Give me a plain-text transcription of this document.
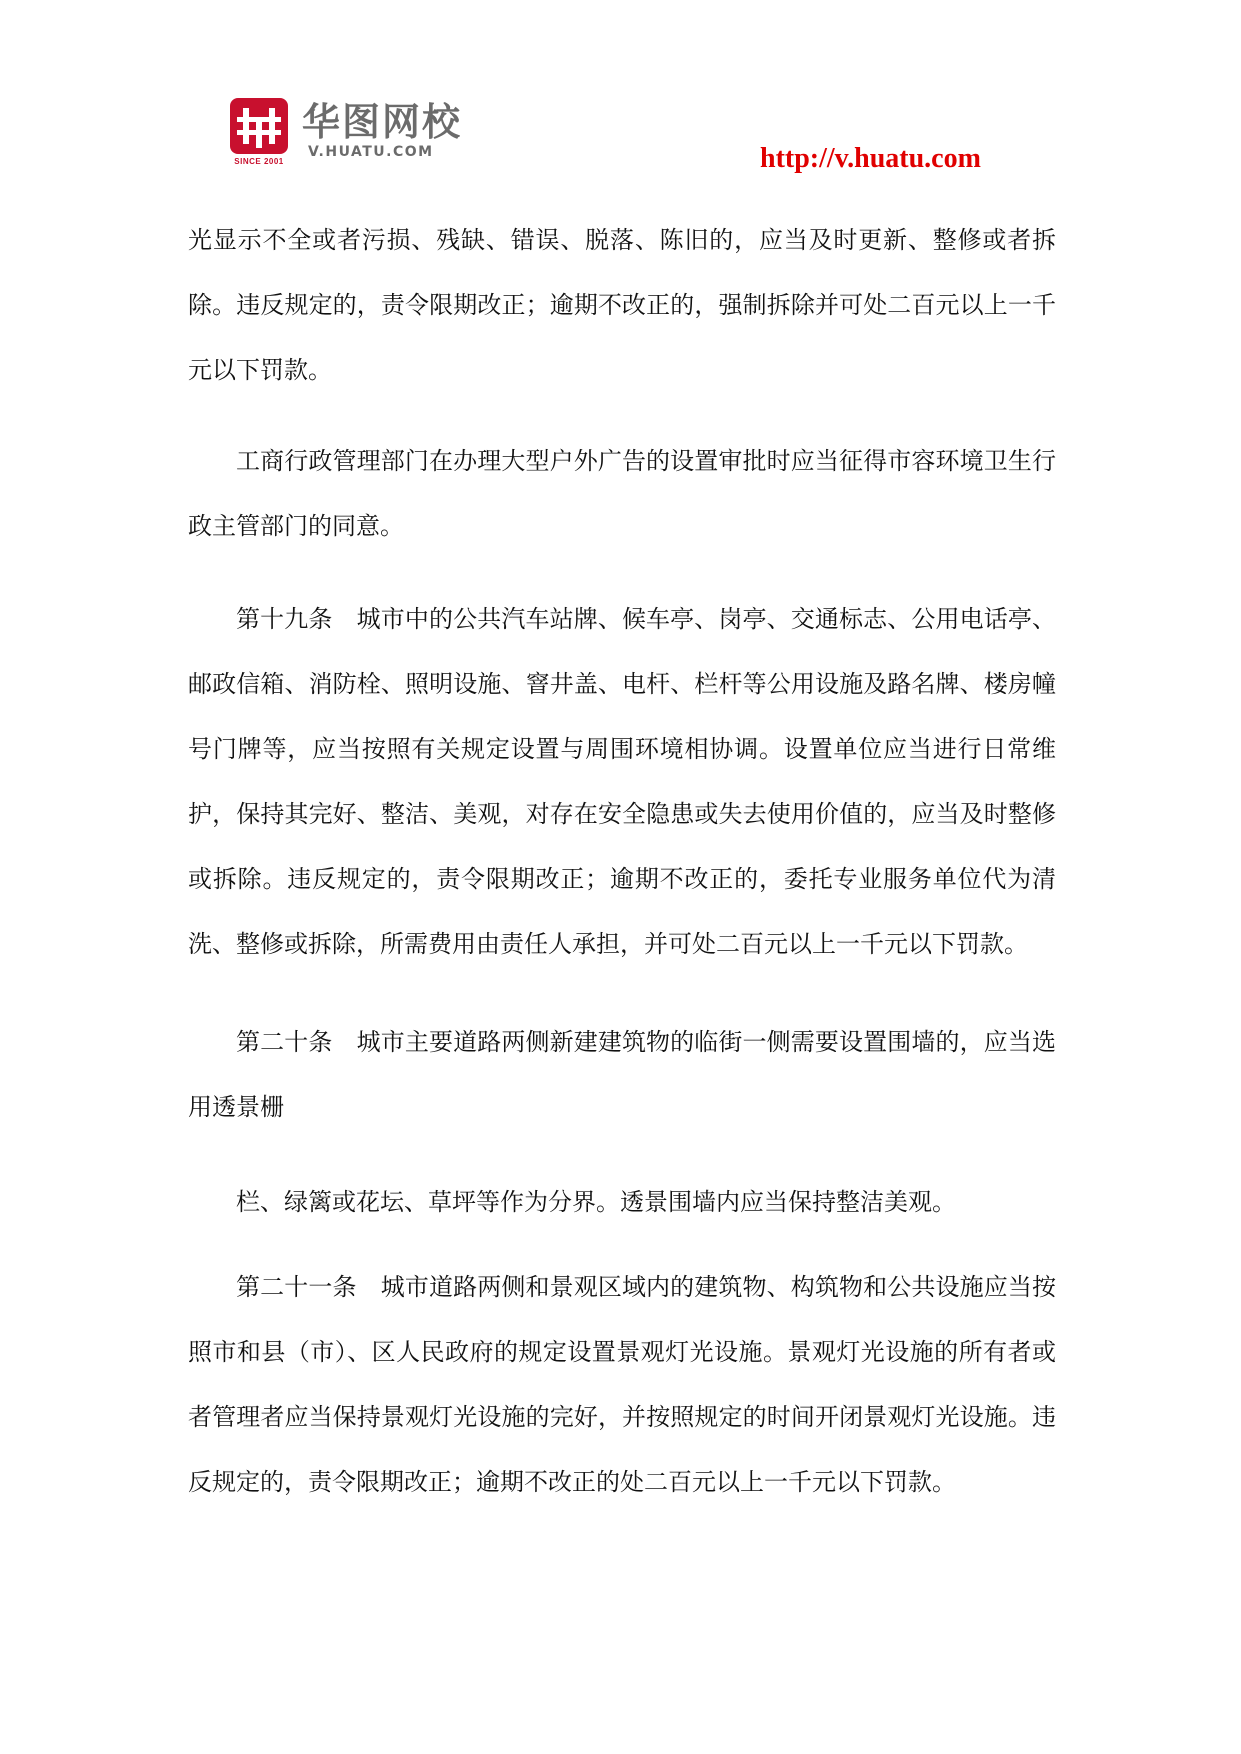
SINCE 2001
华图网校
V.HUATU.COM	http://v.huatu.com

光显示不全或者污损、残缺、错误、脱落、陈旧的，应当及时更新、整修或者拆除。违反规定的，责令限期改正；逾期不改正的，强制拆除并可处二百元以上一千元以下罚款。

工商行政管理部门在办理大型户外广告的设置审批时应当征得市容环境卫生行政主管部门的同意。

第十九条　城市中的公共汽车站牌、候车亭、岗亭、交通标志、公用电话亭、邮政信箱、消防栓、照明设施、窨井盖、电杆、栏杆等公用设施及路名牌、楼房幢号门牌等，应当按照有关规定设置与周围环境相协调。设置单位应当进行日常维护，保持其完好、整洁、美观，对存在安全隐患或失去使用价值的，应当及时整修或拆除。违反规定的，责令限期改正；逾期不改正的，委托专业服务单位代为清洗、整修或拆除，所需费用由责任人承担，并可处二百元以上一千元以下罚款。

第二十条　城市主要道路两侧新建建筑物的临街一侧需要设置围墙的，应当选用透景栅

栏、绿篱或花坛、草坪等作为分界。透景围墙内应当保持整洁美观。

第二十一条　城市道路两侧和景观区域内的建筑物、构筑物和公共设施应当按照市和县（市）、区人民政府的规定设置景观灯光设施。景观灯光设施的所有者或者管理者应当保持景观灯光设施的完好，并按照规定的时间开闭景观灯光设施。违反规定的，责令限期改正；逾期不改正的处二百元以上一千元以下罚款。
